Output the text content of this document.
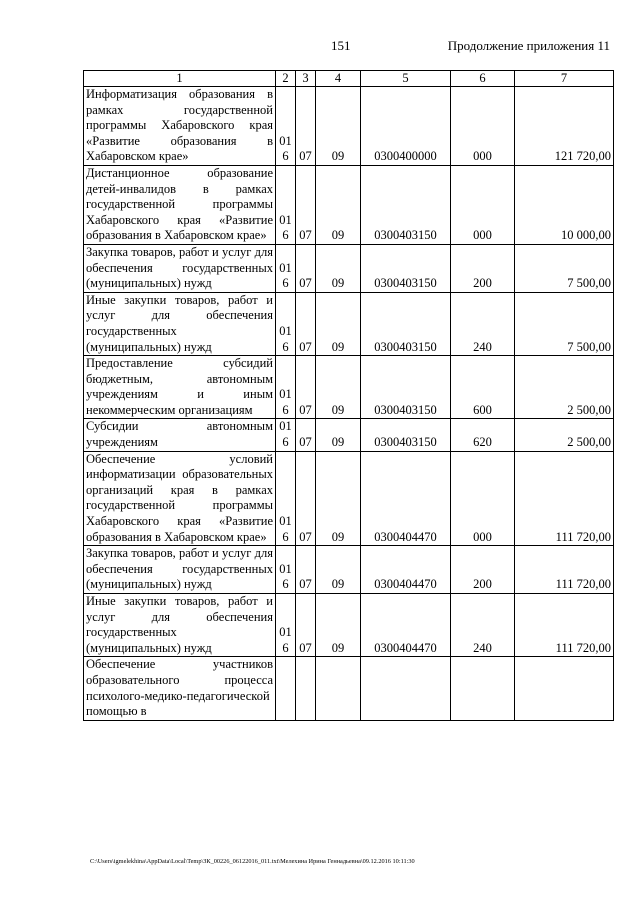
151	Продолжение приложения 11
1	2	3	4	5	6	7
Информатизация образования в рамках государственной программы Хабаровского края «Развитие образования в Хабаровском крае»	016	07	09	0300400000	000	121 720,00
Дистанционное образование детей-инвалидов в рамках государственной программы Хабаровского края «Развитие образования в Хабаровском крае»	016	07	09	0300403150	000	10 000,00
Закупка товаров, работ и услуг для обеспечения государственных (муниципальных) нужд	016	07	09	0300403150	200	7 500,00
Иные закупки товаров, работ и услуг для обеспечения государственных (муниципальных) нужд	016	07	09	0300403150	240	7 500,00
Предоставление субсидий бюджетным, автономным учреждениям и иным некоммерческим организациям	016	07	09	0300403150	600	2 500,00
Субсидии автономным учреждениям	016	07	09	0300403150	620	2 500,00
Обеспечение условий информатизации образовательных организаций края в рамках государственной программы Хабаровского края «Развитие образования в Хабаровском крае»	016	07	09	0300404470	000	111 720,00
Закупка товаров, работ и услуг для обеспечения государственных (муниципальных) нужд	016	07	09	0300404470	200	111 720,00
Иные закупки товаров, работ и услуг для обеспечения государственных (муниципальных) нужд	016	07	09	0300404470	240	111 720,00
Обеспечение участников образовательного процесса психолого-медико-педагогической помощью в						
C:\Users\igmelekhina\AppData\Local\Temp\ЗК_00226_06122016_011.txt\Мелехина Ирина Геннадьевна\09.12.2016 10:11:30
